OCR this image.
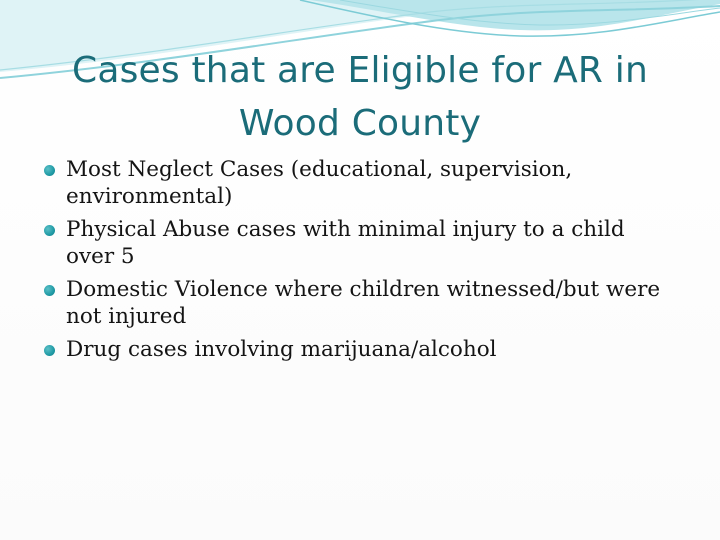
Cases that are Eligible for AR in
Wood County
Most Neglect Cases (educational, supervision, environmental)
Physical Abuse cases with minimal injury to a child over 5
Domestic Violence where children witnessed/but were not injured
Drug cases involving marijuana/alcohol
